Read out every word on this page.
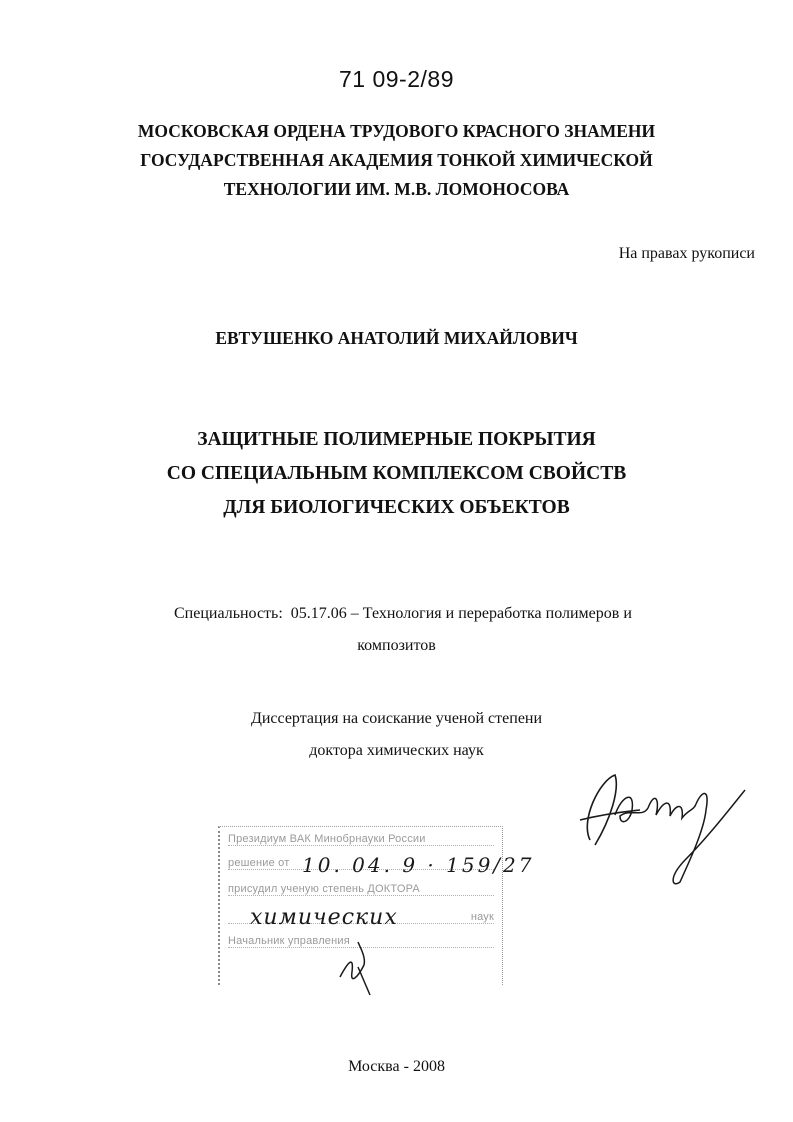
71 09-2/89
МОСКОВСКАЯ ОРДЕНА ТРУДОВОГО КРАСНОГО ЗНАМЕНИ
ГОСУДАРСТВЕННАЯ АКАДЕМИЯ ТОНКОЙ ХИМИЧЕСКОЙ
ТЕХНОЛОГИИ ИМ. М.В. ЛОМОНОСОВА
На правах рукописи
ЕВТУШЕНКО АНАТОЛИЙ МИХАЙЛОВИЧ
ЗАЩИТНЫЕ ПОЛИМЕРНЫЕ ПОКРЫТИЯ
СО СПЕЦИАЛЬНЫМ КОМПЛЕКСОМ СВОЙСТВ
ДЛЯ БИОЛОГИЧЕСКИХ ОБЪЕКТОВ
Специальность: 05.17.06 – Технология и переработка полимеров и
композитов
Диссертация на соискание ученой степени
доктора химических наук
Президиум ВАК Минобрнауки России
решение от
присудил ученую степень ДОКТОРА
наук
Начальник управления
10. 04. 9 · 159/27
химических
Москва - 2008
